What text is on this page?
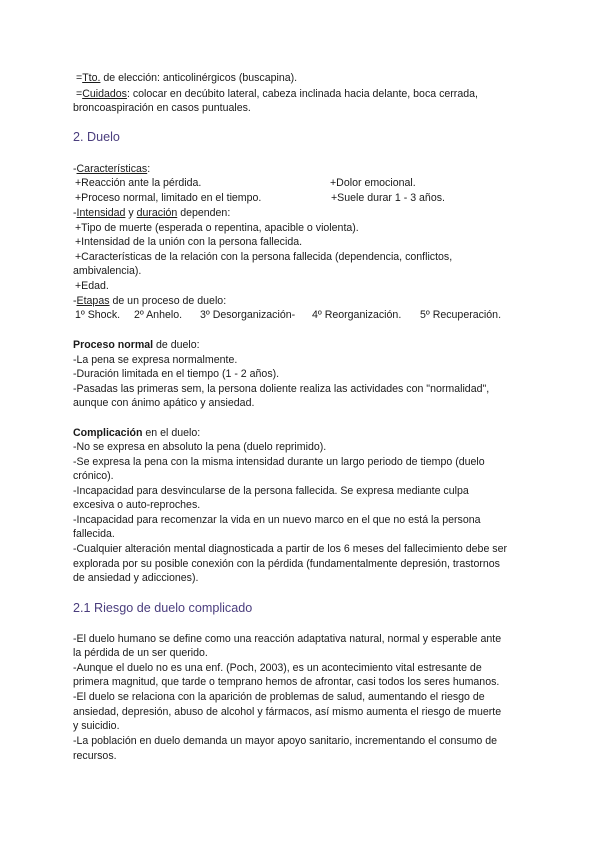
=Tto. de elección: anticolinérgicos (buscapina).
=Cuidados: colocar en decúbito lateral, cabeza inclinada hacia delante, boca cerrada,
broncoaspiración en casos puntuales.
2. Duelo
-Características:
+Reacción ante la pérdida.	+Dolor emocional.
+Proceso normal, limitado en el tiempo.	+Suele durar 1 - 3 años.
-Intensidad y duración dependen:
+Tipo de muerte (esperada o repentina, apacible o violenta).
+Intensidad de la unión con la persona fallecida.
+Características de la relación con la persona fallecida (dependencia, conflictos,
ambivalencia).
+Edad.
-Etapas de un proceso de duelo:
1º Shock. 2º Anhelo. 3º Desorganización- 4º Reorganización. 5º Recuperación.
Proceso normal de duelo:
-La pena se expresa normalmente.
-Duración limitada en el tiempo (1 - 2 años).
-Pasadas las primeras sem, la persona doliente realiza las actividades con "normalidad",
aunque con ánimo apático y ansiedad.
Complicación en el duelo:
-No se expresa en absoluto la pena (duelo reprimido).
-Se expresa la pena con la misma intensidad durante un largo periodo de tiempo (duelo
crónico).
-Incapacidad para desvincularse de la persona fallecida. Se expresa mediante culpa
excesiva o auto-reproches.
-Incapacidad para recomenzar la vida en un nuevo marco en el que no está la persona
fallecida.
-Cualquier alteración mental diagnosticada a partir de los 6 meses del fallecimiento debe ser
explorada por su posible conexión con la pérdida (fundamentalmente depresión, trastornos
de ansiedad y adicciones).
2.1 Riesgo de duelo complicado
-El duelo humano se define como una reacción adaptativa natural, normal y esperable ante
la pérdida de un ser querido.
-Aunque el duelo no es una enf. (Poch, 2003), es un acontecimiento vital estresante de
primera magnitud, que tarde o temprano hemos de afrontar, casi todos los seres humanos.
-El duelo se relaciona con la aparición de problemas de salud, aumentando el riesgo de
ansiedad, depresión, abuso de alcohol y fármacos, así mismo aumenta el riesgo de muerte
y suicidio.
-La población en duelo demanda un mayor apoyo sanitario, incrementando el consumo de
recursos.
